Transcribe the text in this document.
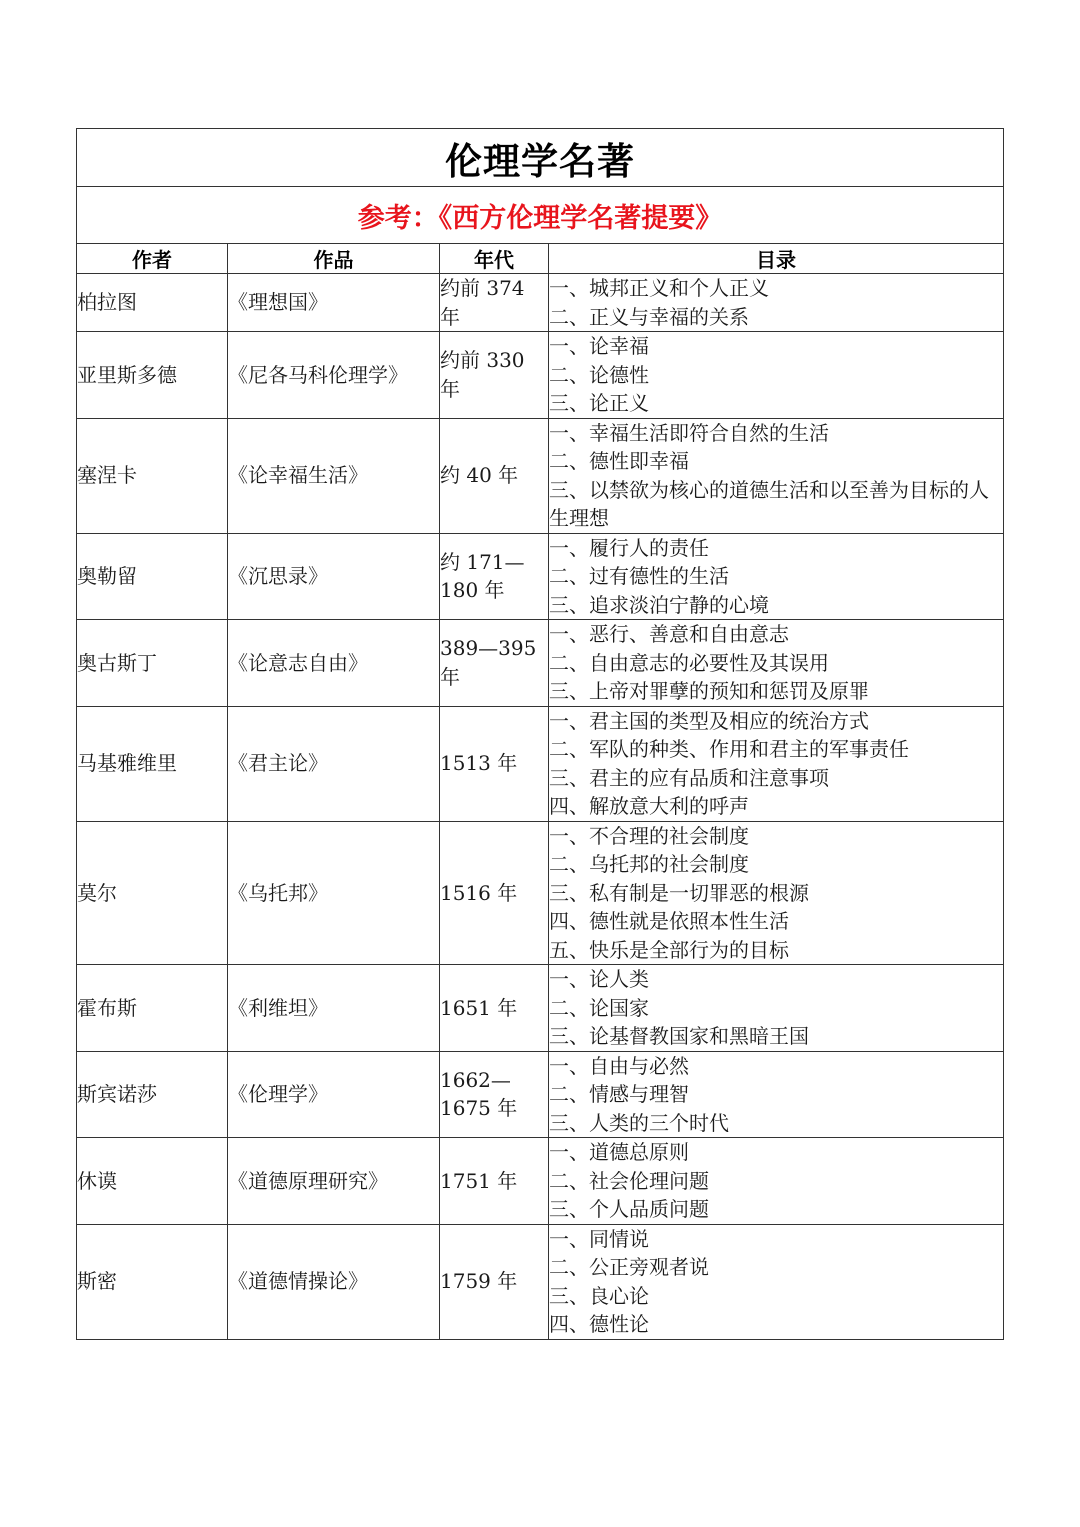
伦理学名著			
参考：《西方伦理学名著提要》			
作者	作品	年代	目录
柏拉图	《理想国》	约前 374 年	一、城邦正义和个人正义
二、正义与幸福的关系

亚里斯多德	《尼各马科伦理学》	约前 330 年	一、论幸福
二、论德性
三、论正义

塞涅卡	《论幸福生活》	约 40 年	一、幸福生活即符合自然的生活
二、德性即幸福
三、以禁欲为核心的道德生活和以至善为目标的人生理想

奥勒留	《沉思录》	约 171—180 年	一、履行人的责任
二、过有德性的生活
三、追求淡泊宁静的心境

奥古斯丁	《论意志自由》	389—395 年	一、恶行、善意和自由意志
二、自由意志的必要性及其误用
三、上帝对罪孽的预知和惩罚及原罪

马基雅维里	《君主论》	1513 年	一、君主国的类型及相应的统治方式
二、军队的种类、作用和君主的军事责任
三、君主的应有品质和注意事项
四、解放意大利的呼声

莫尔	《乌托邦》	1516 年	一、不合理的社会制度
二、乌托邦的社会制度
三、私有制是一切罪恶的根源
四、德性就是依照本性生活
五、快乐是全部行为的目标

霍布斯	《利维坦》	1651 年	一、论人类
二、论国家
三、论基督教国家和黑暗王国

斯宾诺莎	《伦理学》	1662—1675 年	一、自由与必然
二、情感与理智
三、人类的三个时代

休谟	《道德原理研究》	1751 年	一、道德总原则
二、社会伦理问题
三、个人品质问题

斯密	《道德情操论》	1759 年	一、同情说
二、公正旁观者说
三、良心论
四、德性论
